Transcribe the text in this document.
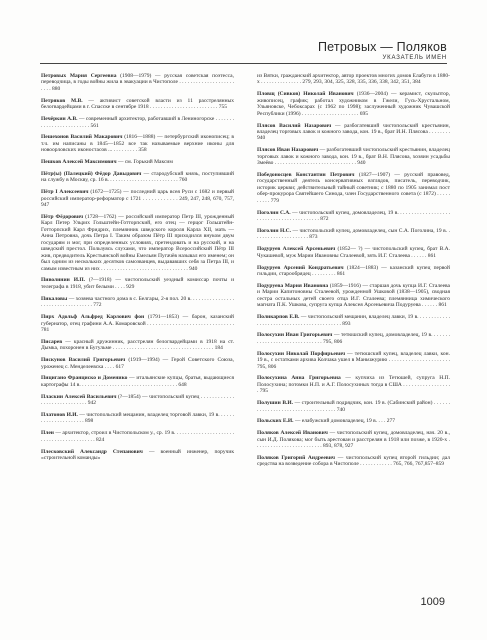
Петровых — Поляков
УКАЗАТЕЛЬ ИМЕН

Петровых Мария Сергеевна (1908—1979) — русская советская поэтесса, переводчица, в годы войны жила в эвакуации в Чистополе . . . . . . . . . . . . . . . . . . . . . . . . 880

Петряков М.В. — активист советской власти из 11 расстрелянных белогвардейцами в г. Спасске в сентябре 1918 . . . . . . . . . . . . . . . . . . . . . . . . . 755

Печёркин А.В. — современный архитектор, работавший в Лениногорске . . . . . . . . . . . . . . . . . . . . . . . . . 561

Пешехонов Василий Макарович (1816—1888) — петербургский иконописец; в т.ч. им написаны в 1845—1852 все так называемые верхние иконы для новоорловских иконостасов ... . . . . . . . . . 358

Пешков Алексей Максимович — см. Горький Максим

Пётр(ы) (Палецкий) Фёдор Давыдович — стародубский князь, поступивший на службу в Москву, ср. 16 в. . . . . . . . . . . . . . . . . . . . . . . . . . 760

Пётр I Алексеевич (1672—1725) — последний царь всея Руси с 1682 и первый российский император-реформатор с 1721 . . . . . . . . . . . . 249, 247, 248, 670, 757, 947

Пётр Фёдорович (1728—1762) — российский император Петр III, урожденный Карл Петер Ульрих Гольштейн-Готторпский, его отец — герцог Гольштейн-Готторпский Карл Фридрих, племянник шведского короля Карла XII, мать — Анна Петровна, дочь Петра I. Таким образом Пётр III приходился внуком двум государям и мог, при определенных условиях, претендовать и на русский, и на шведский престол. Пользуясь слухами, что император Всероссийский Пётр III жив, предводитель Крестьянской войны Емельян Пугачёв называл его именем; он был одним из нескольких десятков самозванцев, выдававших себя за Петра III, и самым известным из них . . . . . . . . . . . . . . . . . . . . . . . . . . . . . . . . 940

Пиволинин И.П. (?—1918) — чистопольский уездный комиссар почты и телеграфа в 1918, убит белыми . . . . 929

Пикаловы — хозяева частного дома в с. Белгары, 2-я пол. 20 в. . . . . . . . . . . . . . . . . . . . . . . . . . . . . . . . . . . 772

Пирх Адольф Альфред Карлович фон (1791—1853) — барон, казанский губернатор, отец графини А.А. Комаровской . . . . . . . . . . . . . . . . . . . . . . . . . . . . . . . 781

Писарев — красный дружинник, расстрелян белогвардейцами в 1918 на ст. Дымка, похоронен в Бугульме . . . . . . . . . . . . . . . . . . . . . . . . . . . . . . . . . . . . . 184

Пискунов Василий Григорьевич (1919—1994) — Герой Советского Союза, уроженец с. Менделеевска . . . . 617

Пицигано Франциско и Доменико — итальянские купцы, братья, выдающиеся картографы 14 в. . . . . . . . . . . . . . . . . . . . . . . . . . . . . . . . . . . . 648

Пласкин Алексей Васильевич (?—1854) — чистопольский купец . . . . . . . . . . . . . . . . . . . . . . . . . . . . . 942

Платонов И.И. — чистопольский мещанин, владелец торговой лавки, 19 в. . . . . . . . . . . . . . . . . . . . . . 898

Плен — архитектор, строил в Чистопольском у., ср. 19 в. . . . . . . . . . . . . . . . . . . . . . . . . . . . . . . . . . . . . . . . . . 824

Плесковский Александр Степанович — военный инженер, поручик «строительной команды»

из Вятки, гражданский архитектор, автор проектов многих домов Елабуги в 1880-х . . . . . . . . . . . . . . . 279, 293, 304, 325, 328, 335, 336, 338, 342, 351, 384

Пловщ (Сивков) Николай Иванович (1936—2004) — керамист, скульптор, живописец, график; работал художником в Гжели, Гусь-Хрустальном, Ульяновске, Чебоксарах (с 1962 по 1998); заслуженный художник Чувашской Республики (1996) . . . . . . . . . . . . . . . . . . . . . 695

Плясов Василий Назарович — разбогатевший чистопольский крестьянин, владелец торговых лавок и кожного завода, кон. 19 в., брат И.Н. Плясова . . . . . . . . 940

Плясов Иван Назарович — разбогатевший чистопольский крестьянин, владелец торговых лавок и кожного завода, кон. 19 в., брат В.Н. Плясова, хозяин усадьбы Змеёво . . . . . . . . . . . . . . . . . . . . . . . . . . . . . . 940

Победоносцев Константин Петрович (1827—1907) — русский правовед, государственный деятель консервативных взглядов, писатель, переводчик, историк церкви; действительный тайный советник; с 1880 по 1905 занимал пост обер-прокурора Святейшего Синода, член Государственного совета (с 1872) . . . . . . . . . . 779

Поголин С.А. — чистопольский купец, домовладелец, 19 в. . . . . . . . . . . . . . . . . . . . . . . . . . . . . . . . . . . . . . . . . . 872

Поголин Н.С. — чистопольский купец, домовладелец, сын С.А. Поголина, 19 в. . . . . . . . . . . . . . . . . . . . . 873

Подуруев Алексей Арсеньевич (1852— ?) — чистопольский купец, брат В.А. Чукашевой, муж Марии Ивановны Сталеевой, зять И.Г. Сталеева . . . . . . 861

Подуруев Арсений Кондратьевич (1824—1883) — казанский купец первой гильдии, старообрядец . . . . . . . . . 861

Подуруева Мария Ивановна (1859—1916) — старшая дочь купца И.Г. Сталеева и Марии Капитоновны Сталеевой, урожденной Ушковой (1838—1905), сводная сестра остальных детей своего отца И.Г. Сталеева; племянница химического магната П.К. Ушкова, супруга купца Алексея Арсеньевича Подуруева . . . . . . 861

Поликарпов Е.В. — чистопольский мещанин, владелец лавки, 19 в. . . . . . . . . . . . . . . . . . . . . . . . . . . . . . . . . . . . . . . . . . . 893

Полосухин Иван Григорьевич — тетюшский купец, домовладелец, 19 в. . . . . . . . . . . . . . . . . . . . . . . . . . . . . . . 795, 806

Полосухин Николай Порфирьевич — тетюшский купец, владелец лавки, кон. 19 в., с остатками архива Колчака ушел в Маньчжурию . . . . . . . . . . . . . . . . . . . . . . 795, 806

Полосухина Анна Григорьевна — купчиха из Тетюшей, супруга Н.П. Полосухина; потомки Н.П. и А.Г. Полосухиных тогда в США . . . . . . . . . . . . . . . . . . 795

Полушин В.И. — строительный подрядчик, кон. 19 в. (Сабинский район) . . . . . . . . . . . . . . . . . . . . . . . . . . . . . . . . . . . 740

Польских Е.И. — елабужский домовладелец, 19 в. . . . 277

Поляков Алексей Иванович — чистопольский купец, домовладелец, нач. 20 в., сын И.Д. Полякова; мог быть арестован и расстрелян в 1918 или позже, в 1920-х . . . . . . . . . . . . . . . . . . . . . . . . . 893, 878, 927

Поляков Григорий Андреевич — чистопольский купец второй гильдии; дал средства на возведение собора в Чистополе . . . . . . . . . . . . 765, 766, 767,857–859

1009
